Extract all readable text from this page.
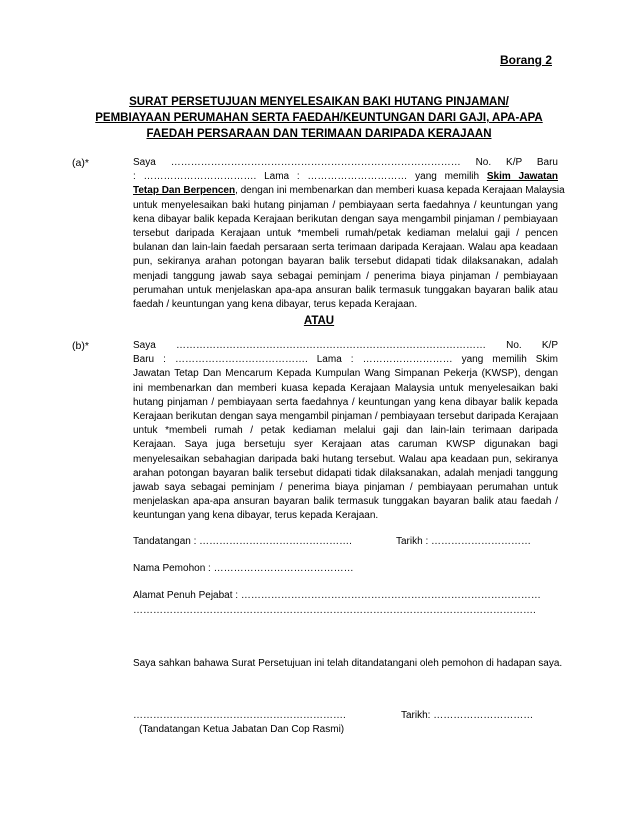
Borang 2
SURAT PERSETUJUAN MENYELESAIKAN BAKI HUTANG PINJAMAN/
PEMBIAYAAN PERUMAHAN SERTA FAEDAH/KEUNTUNGAN DARI GAJI, APA-APA
FAEDAH PERSARAAN DAN TERIMAAN DARIPADA KERAJAAN
(a)*	Saya …………………………………………………………………………… No. K/P Baru
: ……………………………. Lama : ………………………… yang memilih Skim Jawatan
Tetap Dan Berpencen, dengan ini membenarkan dan memberi kuasa kepada Kerajaan Malaysia
untuk menyelesaikan baki hutang pinjaman / pembiayaan serta faedahnya / keuntungan yang
kena dibayar balik kepada Kerajaan berikutan dengan saya mengambil pinjaman / pembiayaan
tersebut daripada Kerajaan untuk *membeli rumah/petak kediaman melalui gaji / pencen
bulanan dan lain-lain faedah persaraan serta terimaan daripada Kerajaan. Walau apa keadaan
pun, sekiranya arahan potongan bayaran balik tersebut didapati tidak dilaksanakan, adalah
menjadi tanggung jawab saya sebagai peminjam / penerima biaya pinjaman / pembiayaan
perumahan untuk menjelaskan apa-apa ansuran balik termasuk tunggakan bayaran balik atau
faedah / keuntungan yang kena dibayar, terus kepada Kerajaan.
ATAU
(b)*	Saya ………………………………………………………………………………… No. K/P
Baru : …………………………………. Lama : ……………………… yang memilih Skim
Jawatan Tetap Dan Mencarum Kepada Kumpulan Wang Simpanan Pekerja (KWSP), dengan
ini membenarkan dan memberi kuasa kepada Kerajaan Malaysia untuk menyelesaikan baki
hutang pinjaman / pembiayaan serta faedahnya / keuntungan yang kena dibayar balik kepada
Kerajaan berikutan dengan saya mengambil pinjaman / pembiayaan tersebut daripada Kerajaan
untuk *membeli rumah / petak kediaman melalui gaji dan lain-lain terimaan daripada
Kerajaan. Saya juga bersetuju syer Kerajaan atas caruman KWSP digunakan bagi
menyelesaikan sebahagian daripada baki hutang tersebut. Walau apa keadaan pun, sekiranya
arahan potongan bayaran balik tersebut didapati tidak dilaksanakan, adalah menjadi tanggung
jawab saya sebagai peminjam / penerima biaya pinjaman / pembiayaan perumahan untuk
menjelaskan apa-apa ansuran bayaran balik termasuk tunggakan bayaran balik atau faedah /
keuntungan yang kena dibayar, terus kepada Kerajaan.
Tandatangan : ……………………………………….	Tarikh : …………………………
Nama Pemohon : ……………………………………
Alamat Penuh Pejabat : ………………………………………………………………………………
………………………………………………………………………………………………………….
Saya sahkan bahawa Surat Persetujuan ini telah ditandatangani oleh pemohon di hadapan saya.
……………………………………………………….	Tarikh: …………………………
(Tandatangan Ketua Jabatan Dan Cop Rasmi)
